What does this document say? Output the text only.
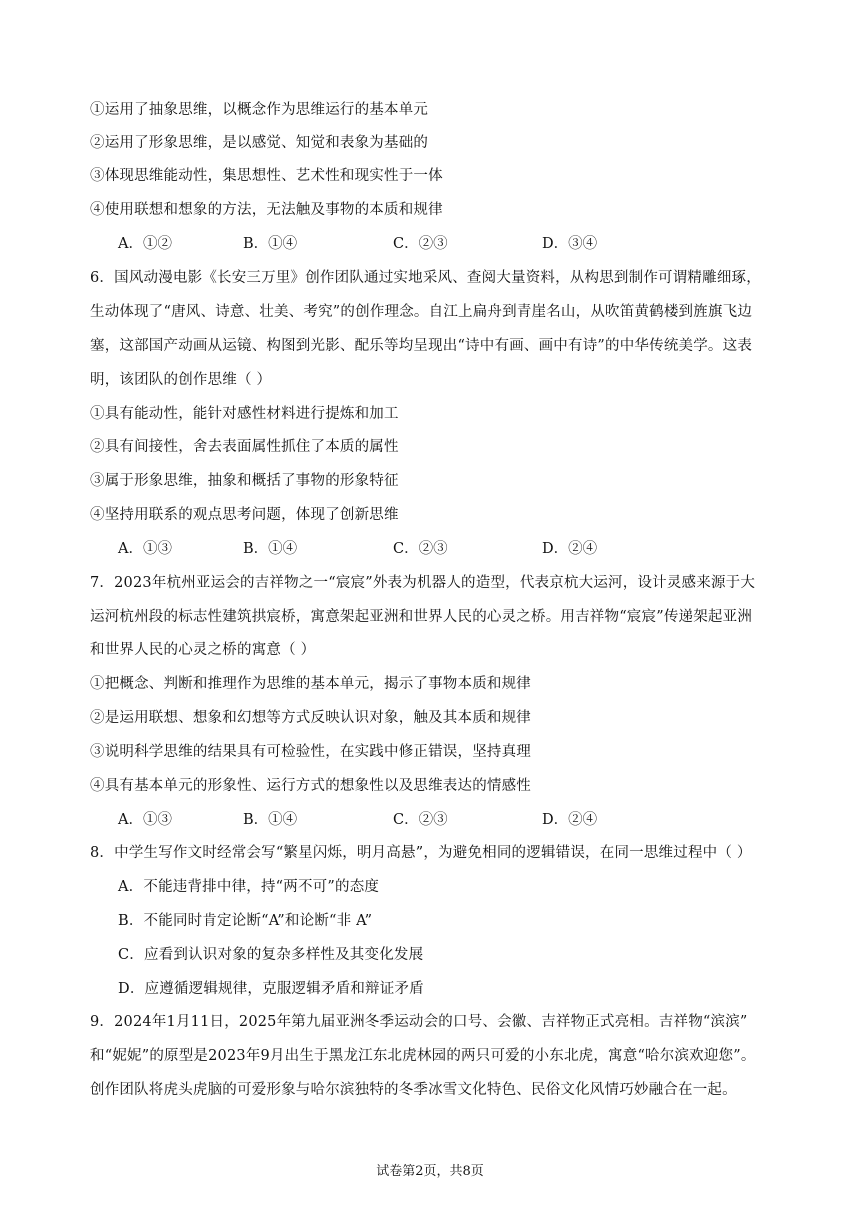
①运用了抽象思维，以概念作为思维运行的基本单元
②运用了形象思维，是以感觉、知觉和表象为基础的
③体现思维能动性，集思想性、艺术性和现实性于一体
④使用联想和想象的方法，无法触及事物的本质和规律
A．①②	B．①④	C．②③	D．③④
6．国风动漫电影《长安三万里》创作团队通过实地采风、查阅大量资料，从构思到制作可谓精雕细琢，
生动体现了“唐风、诗意、壮美、考究”的创作理念。自江上扁舟到青崖名山，从吹笛黄鹤楼到旌旗飞边
塞，这部国产动画从运镜、构图到光影、配乐等均呈现出“诗中有画、画中有诗”的中华传统美学。这表
明，该团队的创作思维（ ）
①具有能动性，能针对感性材料进行提炼和加工
②具有间接性，舍去表面属性抓住了本质的属性
③属于形象思维，抽象和概括了事物的形象特征
④坚持用联系的观点思考问题，体现了创新思维
A．①③	B．①④	C．②③	D．②④
7．2023年杭州亚运会的吉祥物之一“宸宸”外表为机器人的造型，代表京杭大运河，设计灵感来源于大
运河杭州段的标志性建筑拱宸桥，寓意架起亚洲和世界人民的心灵之桥。用吉祥物“宸宸”传递架起亚洲
和世界人民的心灵之桥的寓意（ ）
①把概念、判断和推理作为思维的基本单元，揭示了事物本质和规律
②是运用联想、想象和幻想等方式反映认识对象，触及其本质和规律
③说明科学思维的结果具有可检验性，在实践中修正错误，坚持真理
④具有基本单元的形象性、运行方式的想象性以及思维表达的情感性
A．①③	B．①④	C．②③	D．②④
8．中学生写作文时经常会写“繁星闪烁，明月高悬”，为避免相同的逻辑错误，在同一思维过程中（ ）
A．不能违背排中律，持“两不可”的态度
B．不能同时肯定论断“A”和论断“非 A”
C．应看到认识对象的复杂多样性及其变化发展
D．应遵循逻辑规律，克服逻辑矛盾和辩证矛盾
9．2024年1月11日，2025年第九届亚洲冬季运动会的口号、会徽、吉祥物正式亮相。吉祥物“滨滨”
和“妮妮”的原型是2023年9月出生于黑龙江东北虎林园的两只可爱的小东北虎，寓意“哈尔滨欢迎您”。
创作团队将虎头虎脑的可爱形象与哈尔滨独特的冬季冰雪文化特色、民俗文化风情巧妙融合在一起。
试卷第2页，共8页
